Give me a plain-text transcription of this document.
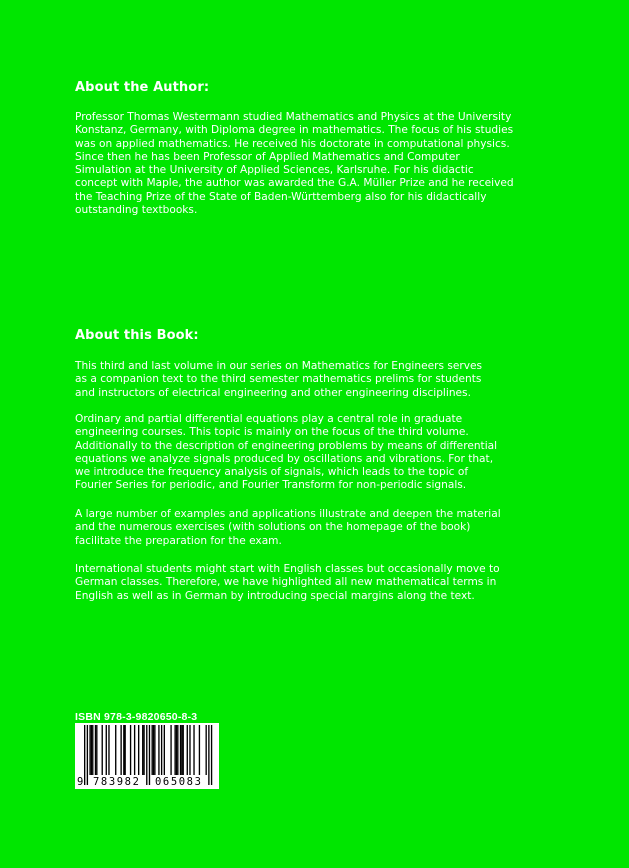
About the Author:

Professor Thomas Westermann studied Mathematics and Physics at the University
Konstanz, Germany, with Diploma degree in mathematics. The focus of his studies
was on applied mathematics. He received his doctorate in computational physics.
Since then he has been Professor of Applied Mathematics and Computer
Simulation at the University of Applied Sciences, Karlsruhe. For his didactic
concept with Maple, the author was awarded the G.A. Müller Prize and he received
the Teaching Prize of the State of Baden-Württemberg also for his didactically
outstanding textbooks.

About this Book:

This third and last volume in our series on Mathematics for Engineers serves
as a companion text to the third semester mathematics prelims for students
and instructors of electrical engineering and other engineering disciplines.

Ordinary and partial differential equations play a central role in graduate
engineering courses. This topic is mainly on the focus of the third volume.
Additionally to the description of engineering problems by means of differential
equations we analyze signals produced by oscillations and vibrations. For that,
we introduce the frequency analysis of signals, which leads to the topic of
Fourier Series for periodic, and Fourier Transform for non-periodic signals.

A large number of examples and applications illustrate and deepen the material
and the numerous exercises (with solutions on the homepage of the book)
facilitate the preparation for the exam.

International students might start with English classes but occasionally move to
German classes. Therefore, we have highlighted all new mathematical terms in
English as well as in German by introducing special margins along the text.

ISBN 978-3-9820650-8-3
9 783982 065083
